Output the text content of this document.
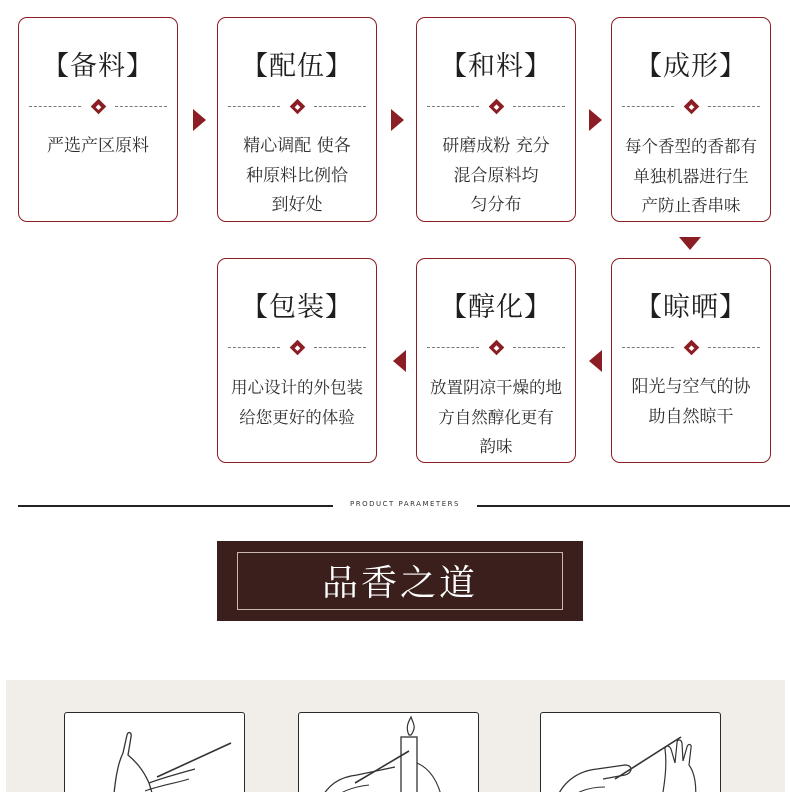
【备料】
严选产区原料
【配伍】
精心调配 使各
种原料比例恰
到好处
【和料】
研磨成粉 充分
混合原料均
匀分布
【成形】
每个香型的香都有
单独机器进行生
产防止香串味
【晾晒】
阳光与空气的协
助自然晾干
【醇化】
放置阴凉干燥的地
方自然醇化更有
韵味
【包装】
用心设计的外包装
给您更好的体验
PRODUCT PARAMETERS
品香之道
